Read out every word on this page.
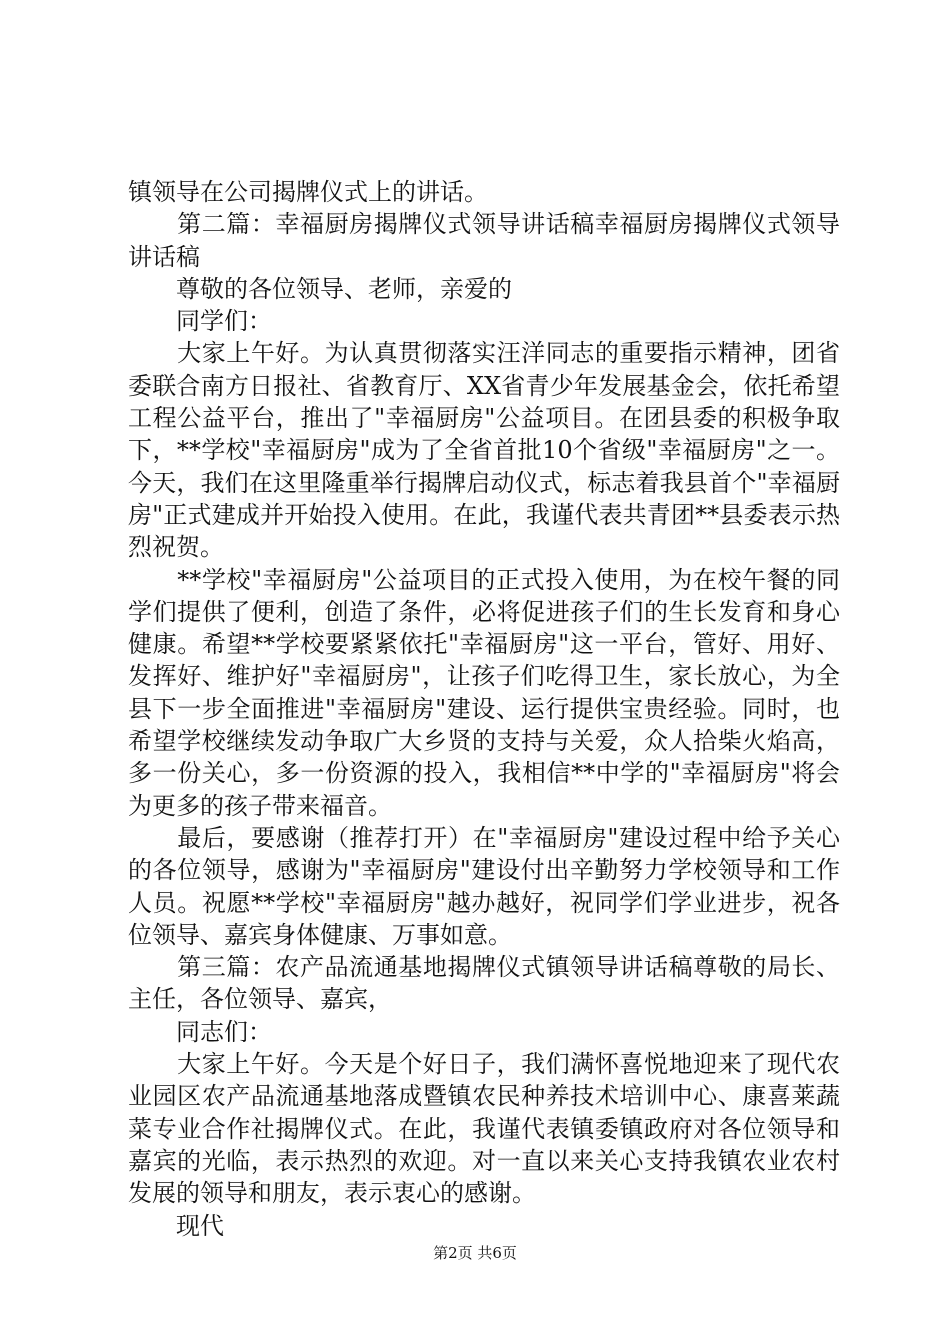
镇领导在公司揭牌仪式上的讲话。

　　第二篇：幸福厨房揭牌仪式领导讲话稿幸福厨房揭牌仪式领导讲话稿

　　尊敬的各位领导、老师，亲爱的

　　同学们：

　　大家上午好。为认真贯彻落实汪洋同志的重要指示精神，团省委联合南方日报社、省教育厅、XX省青少年发展基金会，依托希望工程公益平台，推出了"幸福厨房"公益项目。在团县委的积极争取下，**学校"幸福厨房"成为了全省首批10个省级"幸福厨房"之一。今天，我们在这里隆重举行揭牌启动仪式，标志着我县首个"幸福厨房"正式建成并开始投入使用。在此，我谨代表共青团**县委表示热烈祝贺。

　　**学校"幸福厨房"公益项目的正式投入使用，为在校午餐的同学们提供了便利，创造了条件，必将促进孩子们的生长发育和身心健康。希望**学校要紧紧依托"幸福厨房"这一平台，管好、用好、发挥好、维护好"幸福厨房"，让孩子们吃得卫生，家长放心，为全县下一步全面推进"幸福厨房"建设、运行提供宝贵经验。同时，也希望学校继续发动争取广大乡贤的支持与关爱，众人拾柴火焰高，多一份关心，多一份资源的投入，我相信**中学的"幸福厨房"将会为更多的孩子带来福音。

　　最后，要感谢（推荐打开）在"幸福厨房"建设过程中给予关心的各位领导，感谢为"幸福厨房"建设付出辛勤努力学校领导和工作人员。祝愿**学校"幸福厨房"越办越好，祝同学们学业进步，祝各位领导、嘉宾身体健康、万事如意。

　　第三篇：农产品流通基地揭牌仪式镇领导讲话稿尊敬的局长、主任，各位领导、嘉宾，

　　同志们：

　　大家上午好。今天是个好日子，我们满怀喜悦地迎来了现代农业园区农产品流通基地落成暨镇农民种养技术培训中心、康喜莱蔬菜专业合作社揭牌仪式。在此，我谨代表镇委镇政府对各位领导和嘉宾的光临，表示热烈的欢迎。对一直以来关心支持我镇农业农村发展的领导和朋友，表示衷心的感谢。

　　现代

第2页 共6页
